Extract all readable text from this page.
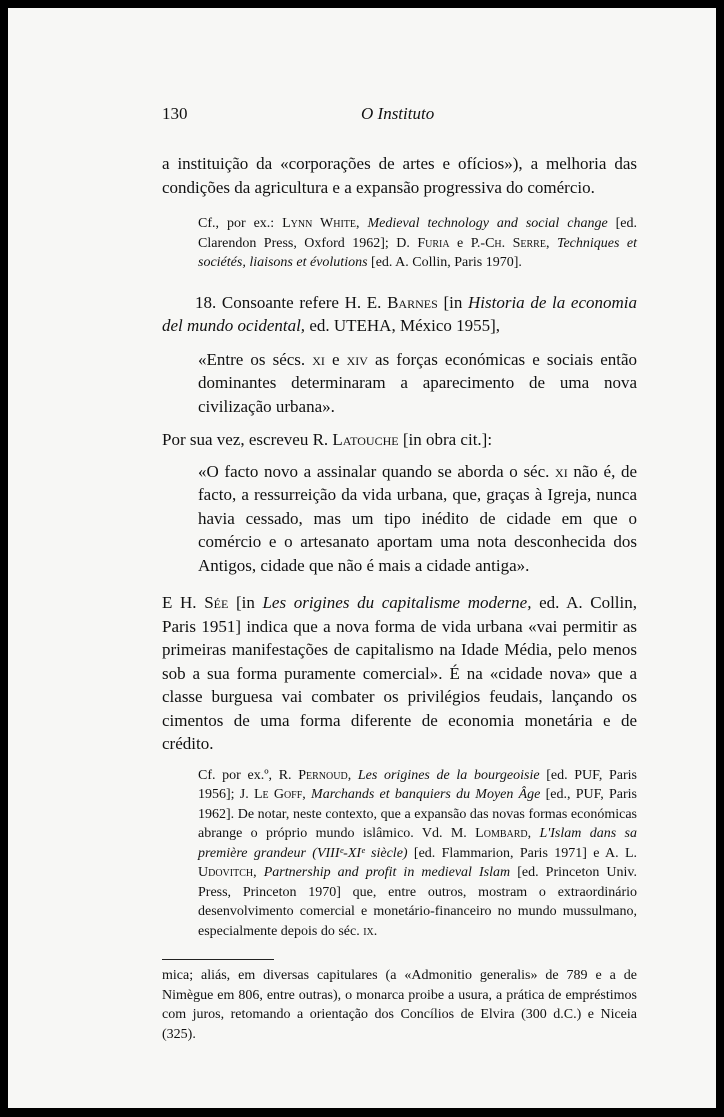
130	O Instituto

a instituição da «corporações de artes e ofícios»), a melhoria das condições da agricultura e a expansão progressiva do comércio.

Cf., por ex.: Lynn White, Medieval technology and social change [ed. Clarendon Press, Oxford 1962]; D. Furia e P.-Ch. Serre, Techniques et sociétés, liaisons et évolutions [ed. A. Collin, Paris 1970].

18. Consoante refere H. E. Barnes [in Historia de la economia del mundo ocidental, ed. UTEHA, México 1955],

«Entre os sécs. xi e xiv as forças económicas e sociais então dominantes determinaram a aparecimento de uma nova civilização urbana».

Por sua vez, escreveu R. Latouche [in obra cit.]:

«O facto novo a assinalar quando se aborda o séc. xi não é, de facto, a ressurreição da vida urbana, que, graças à Igreja, nunca havia cessado, mas um tipo inédito de cidade em que o comércio e o artesanato aportam uma nota desconhecida dos Antigos, cidade que não é mais a cidade antiga».

E H. Sée [in Les origines du capitalisme moderne, ed. A. Collin, Paris 1951] indica que a nova forma de vida urbana «vai permitir as primeiras manifestações de capitalismo na Idade Média, pelo menos sob a sua forma puramente comercial». É na «cidade nova» que a classe burguesa vai combater os privilégios feudais, lançando os cimentos de uma forma diferente de economia monetária e de crédito.

Cf. por ex.º, R. Pernoud, Les origines de la bourgeoisie [ed. PUF, Paris 1956]; J. Le Goff, Marchands et banquiers du Moyen Âge [ed., PUF, Paris 1962]. De notar, neste contexto, que a expansão das novas formas económicas abrange o próprio mundo islâmico. Vd. M. Lombard, L'Islam dans sa première grandeur (VIIIᵉ-XIᵉ siècle) [ed. Flammarion, Paris 1971] e A. L. Udovitch, Partnership and profit in medieval Islam [ed. Princeton Univ. Press, Princeton 1970] que, entre outros, mostram o extraordinário desenvolvimento comercial e monetário-financeiro no mundo mussulmano, especialmente depois do séc. ix.

mica; aliás, em diversas capitulares (a «Admonitio generalis» de 789 e a de Nimègue em 806, entre outras), o monarca proibe a usura, a prática de empréstimos com juros, retomando a orientação dos Concílios de Elvira (300 d.C.) e Niceia (325).
